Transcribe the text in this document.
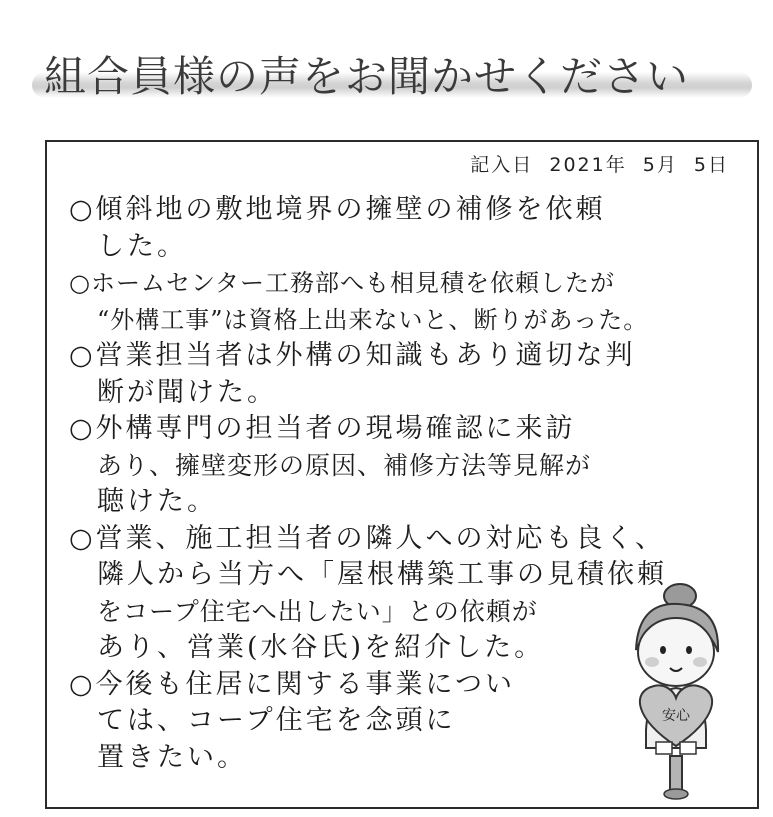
組合員様の声をお聞かせください
記入日 2021年 5月 5日
○傾斜地の敷地境界の擁壁の補修を依頼
した。
○ホームセンター工務部へも相見積を依頼したが
“外構工事”は資格上出来ないと、断りがあった。
○営業担当者は外構の知識もあり適切な判
断が聞けた。
○外構専門の担当者の現場確認に来訪
あり、擁壁変形の原因、補修方法等見解が
聴けた。
○営業、施工担当者の隣人への対応も良く、
隣人から当方へ「屋根構築工事の見積依頼
をコープ住宅へ出したい」との依頼が
あり、営業(水谷氏)を紹介した。
○今後も住居に関する事業につい
ては、コープ住宅を念頭に
置きたい。
安心
